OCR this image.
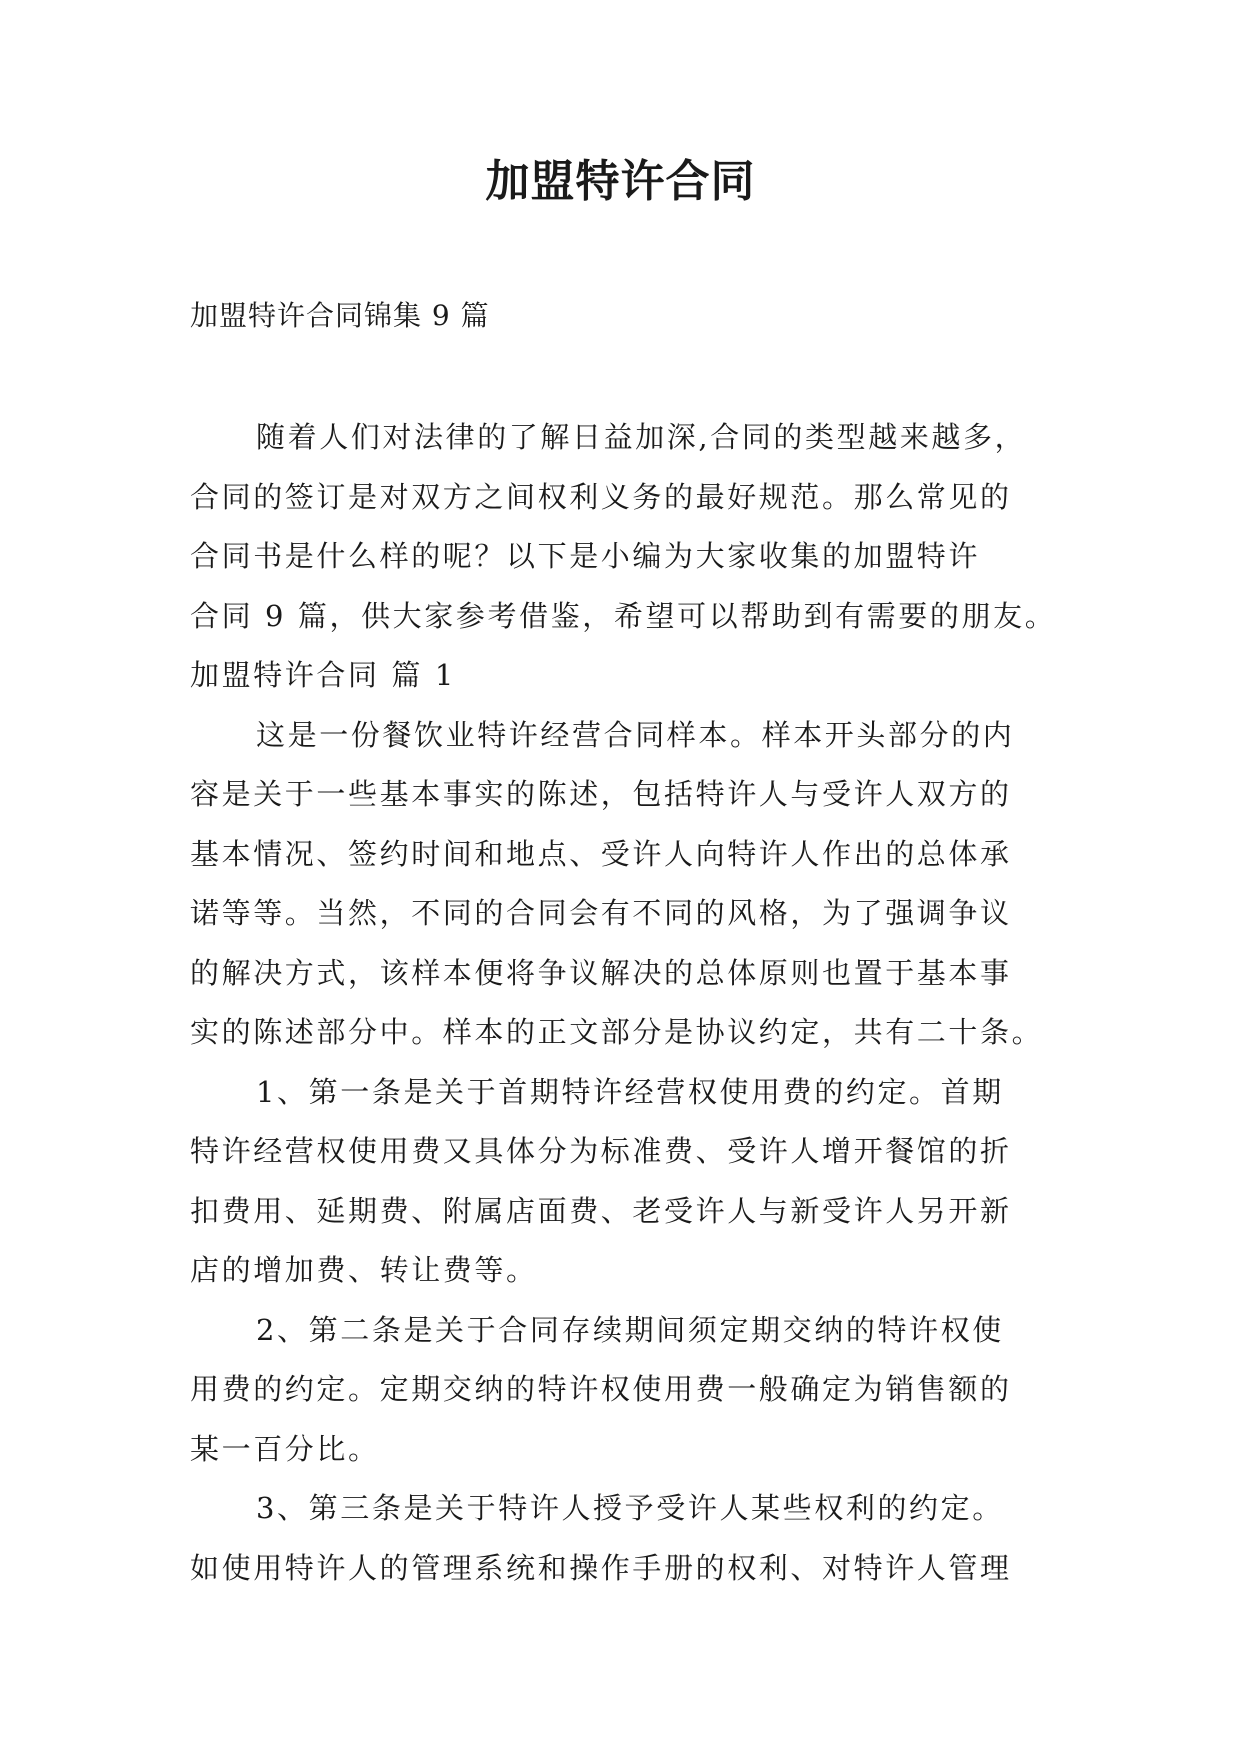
加盟特许合同
加盟特许合同锦集 9 篇
随着人们对法律的了解日益加深,合同的类型越来越多，
合同的签订是对双方之间权利义务的最好规范。那么常见的
合同书是什么样的呢？以下是小编为大家收集的加盟特许
合同 9 篇，供大家参考借鉴，希望可以帮助到有需要的朋友。
加盟特许合同 篇 1
这是一份餐饮业特许经营合同样本。样本开头部分的内
容是关于一些基本事实的陈述，包括特许人与受许人双方的
基本情况、签约时间和地点、受许人向特许人作出的总体承
诺等等。当然，不同的合同会有不同的风格，为了强调争议
的解决方式，该样本便将争议解决的总体原则也置于基本事
实的陈述部分中。样本的正文部分是协议约定，共有二十条。
1、第一条是关于首期特许经营权使用费的约定。首期
特许经营权使用费又具体分为标准费、受许人增开餐馆的折
扣费用、延期费、附属店面费、老受许人与新受许人另开新
店的增加费、转让费等。
2、第二条是关于合同存续期间须定期交纳的特许权使
用费的约定。定期交纳的特许权使用费一般确定为销售额的
某一百分比。
3、第三条是关于特许人授予受许人某些权利的约定。
如使用特许人的管理系统和操作手册的权利、对特许人管理
